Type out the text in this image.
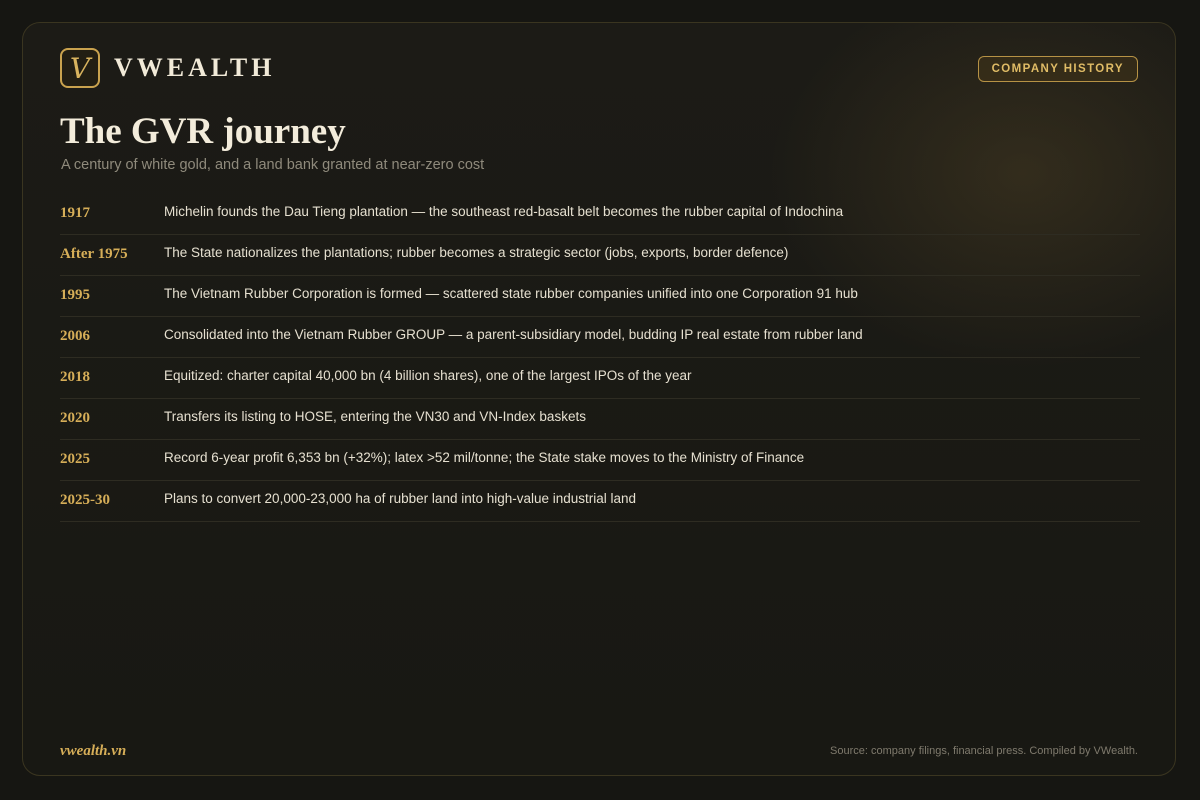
V VWEALTH	COMPANY HISTORY
The GVR journey
A century of white gold, and a land bank granted at near-zero cost
1917	Michelin founds the Dau Tieng plantation — the southeast red-basalt belt becomes the rubber capital of Indochina
After 1975	The State nationalizes the plantations; rubber becomes a strategic sector (jobs, exports, border defence)
1995	The Vietnam Rubber Corporation is formed — scattered state rubber companies unified into one Corporation 91 hub
2006	Consolidated into the Vietnam Rubber GROUP — a parent-subsidiary model, budding IP real estate from rubber land
2018	Equitized: charter capital 40,000 bn (4 billion shares), one of the largest IPOs of the year
2020	Transfers its listing to HOSE, entering the VN30 and VN-Index baskets
2025	Record 6-year profit 6,353 bn (+32%); latex >52 mil/tonne; the State stake moves to the Ministry of Finance
2025-30	Plans to convert 20,000-23,000 ha of rubber land into high-value industrial land
vwealth.vn	Source: company filings, financial press. Compiled by VWealth.
